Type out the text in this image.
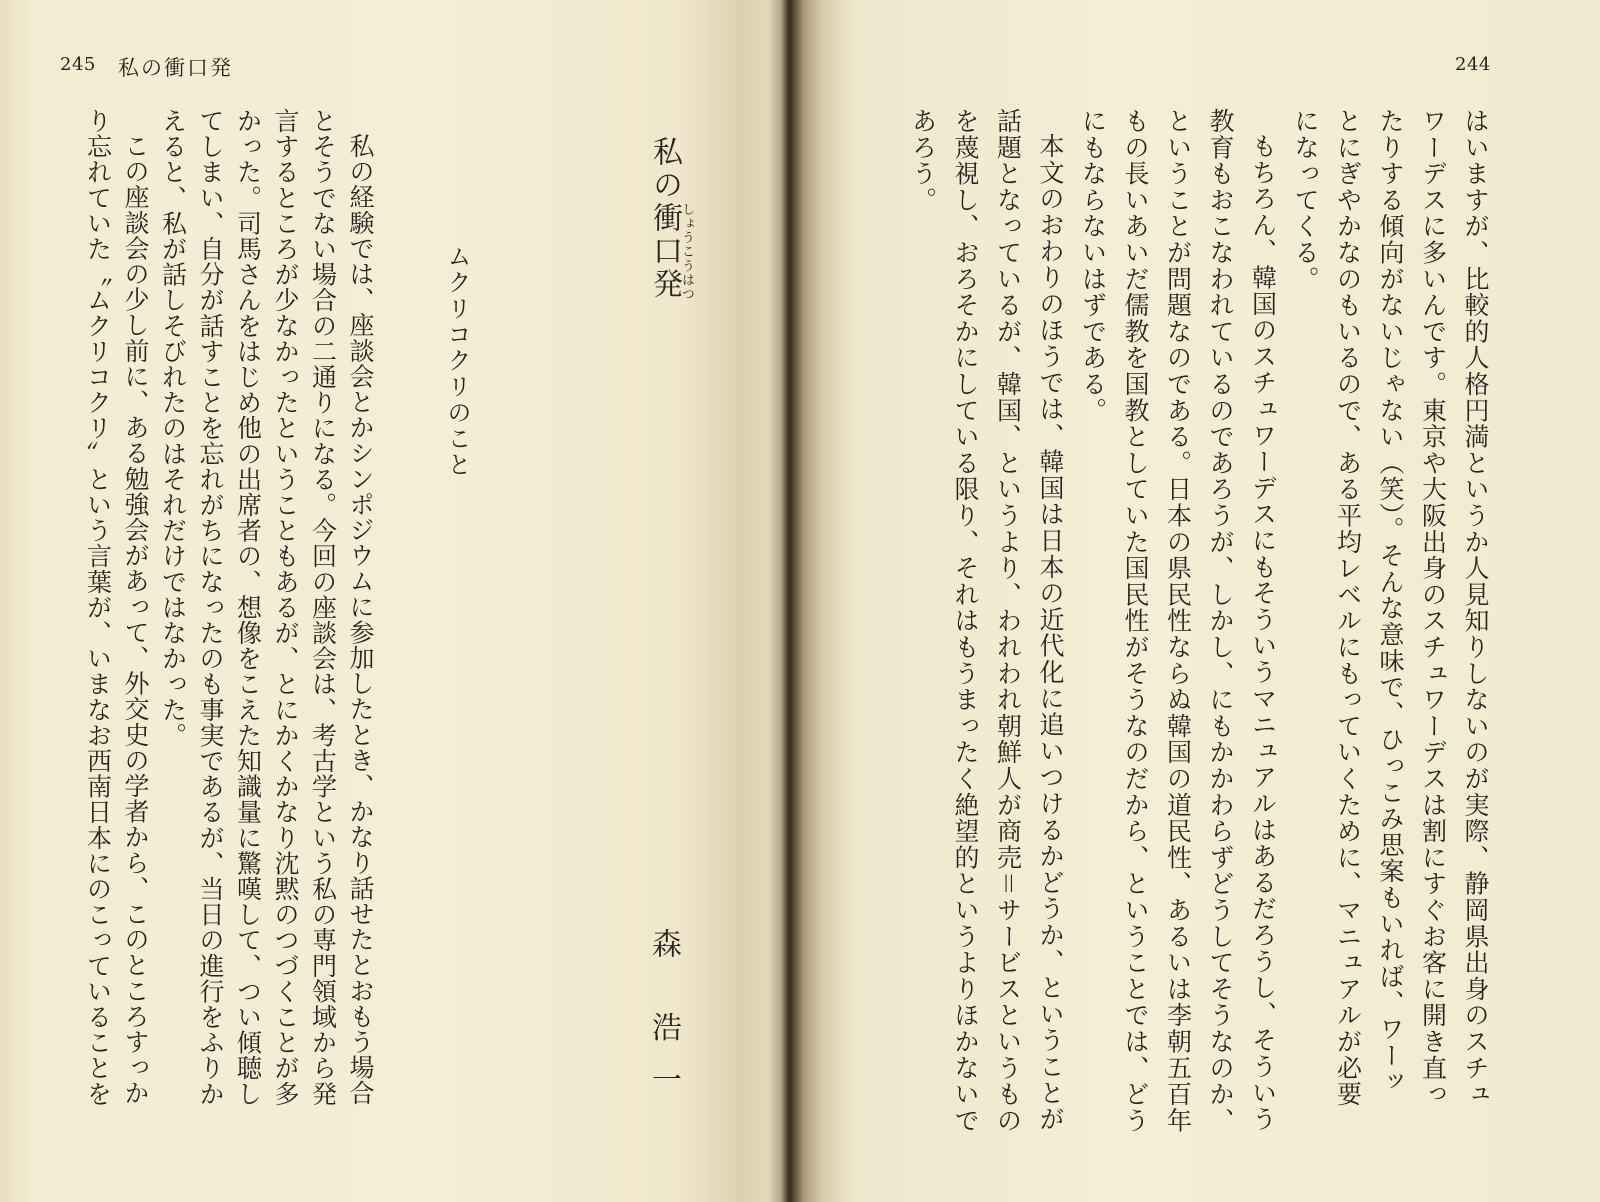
245 私の衝口発	244
私の衝口発しょうこうはつ
森 浩一
ムクリコクリのこと
私の経験では、座談会とかシンポジウムに参加したとき、かなり話せたとおもう場合
とそうでない場合の二通りになる。今回の座談会は、考古学という私の専門領域から発
言するところが少なかったということもあるが、とにかくかなり沈黙のつづくことが多
かった。司馬さんをはじめ他の出席者の、想像をこえた知識量に驚嘆して、つい傾聴し
てしまい、自分が話すことを忘れがちになったのも事実であるが、当日の進行をふりか
えると、私が話しそびれたのはそれだけではなかった。
この座談会の少し前に、ある勉強会があって、外交史の学者から、このところすっか
り忘れていた〝ムクリコクリ〟という言葉が、いまなお西南日本にのこっていることを	はいますが、比較的人格円満というか人見知りしないのが実際、静岡県出身のスチュ
ワーデスに多いんです。東京や大阪出身のスチュワーデスは割にすぐお客に開き直っ
たりする傾向がないじゃない（笑）。そんな意味で、ひっこみ思案もいれば、ワーッ
とにぎやかなのもいるので、ある平均レベルにもっていくために、マニュアルが必要
になってくる。
もちろん、韓国のスチュワーデスにもそういうマニュアルはあるだろうし、そういう
教育もおこなわれているのであろうが、しかし、にもかかわらずどうしてそうなのか、
ということが問題なのである。日本の県民性ならぬ韓国の道民性、あるいは李朝五百年
もの長いあいだ儒教を国教としていた国民性がそうなのだから、ということでは、どう
にもならないはずである。
本文のおわりのほうでは、韓国は日本の近代化に追いつけるかどうか、ということが
話題となっているが、韓国、というより、われわれ朝鮮人が商売＝サービスというもの
を蔑視し、おろそかにしている限り、それはもうまったく絶望的というよりほかないで
あろう。
